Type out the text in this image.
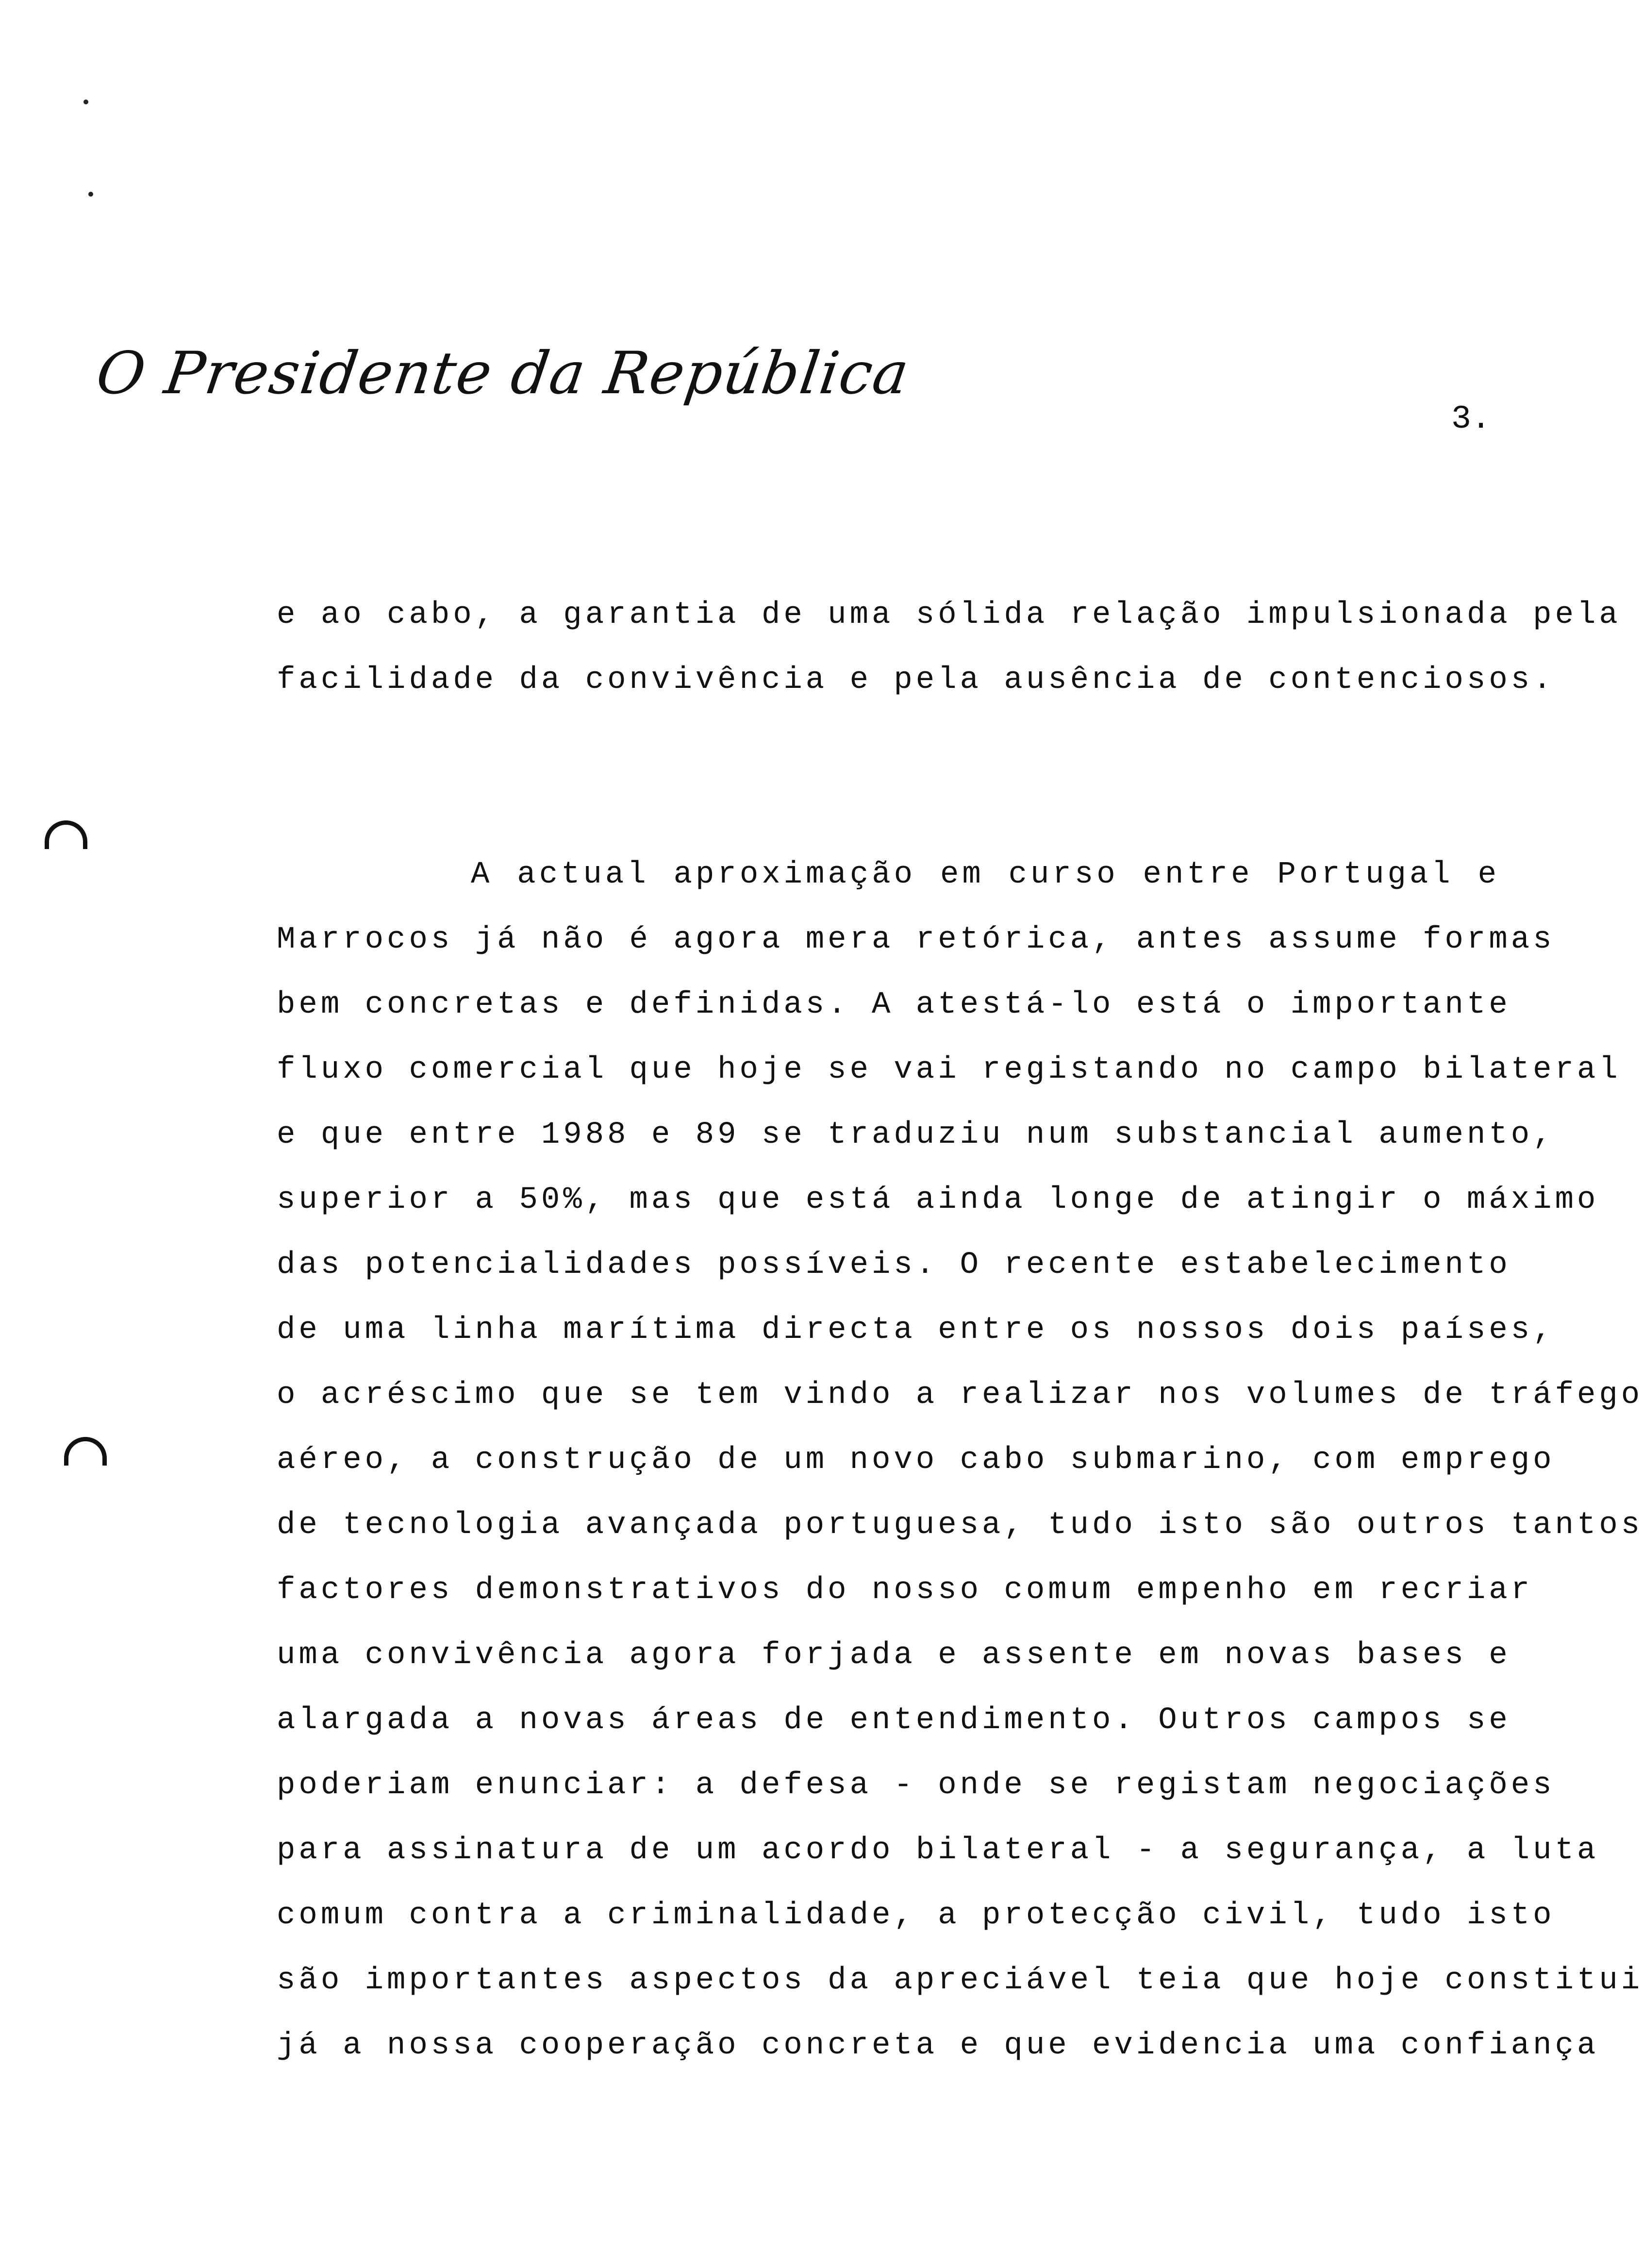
O Presidente da República
3.
e ao cabo, a garantia de uma sólida relação impulsionada pela
facilidade da convivência e pela ausência de contenciosos.
A actual aproximação em curso entre Portugal e
Marrocos já não é agora mera retórica, antes assume formas
bem concretas e definidas. A atestá-lo está o importante
fluxo comercial que hoje se vai registando no campo bilateral
e que entre 1988 e 89 se traduziu num substancial aumento,
superior a 50%, mas que está ainda longe de atingir o máximo
das potencialidades possíveis. O recente estabelecimento
de uma linha marítima directa entre os nossos dois países,
o acréscimo que se tem vindo a realizar nos volumes de tráfego
aéreo, a construção de um novo cabo submarino, com emprego
de tecnologia avançada portuguesa, tudo isto são outros tantos
factores demonstrativos do nosso comum empenho em recriar
uma convivência agora forjada e assente em novas bases e
alargada a novas áreas de entendimento. Outros campos se
poderiam enunciar: a defesa - onde se registam negociações
para assinatura de um acordo bilateral - a segurança, a luta
comum contra a criminalidade, a protecção civil, tudo isto
são importantes aspectos da apreciável teia que hoje constitui
já a nossa cooperação concreta e que evidencia uma confiança
